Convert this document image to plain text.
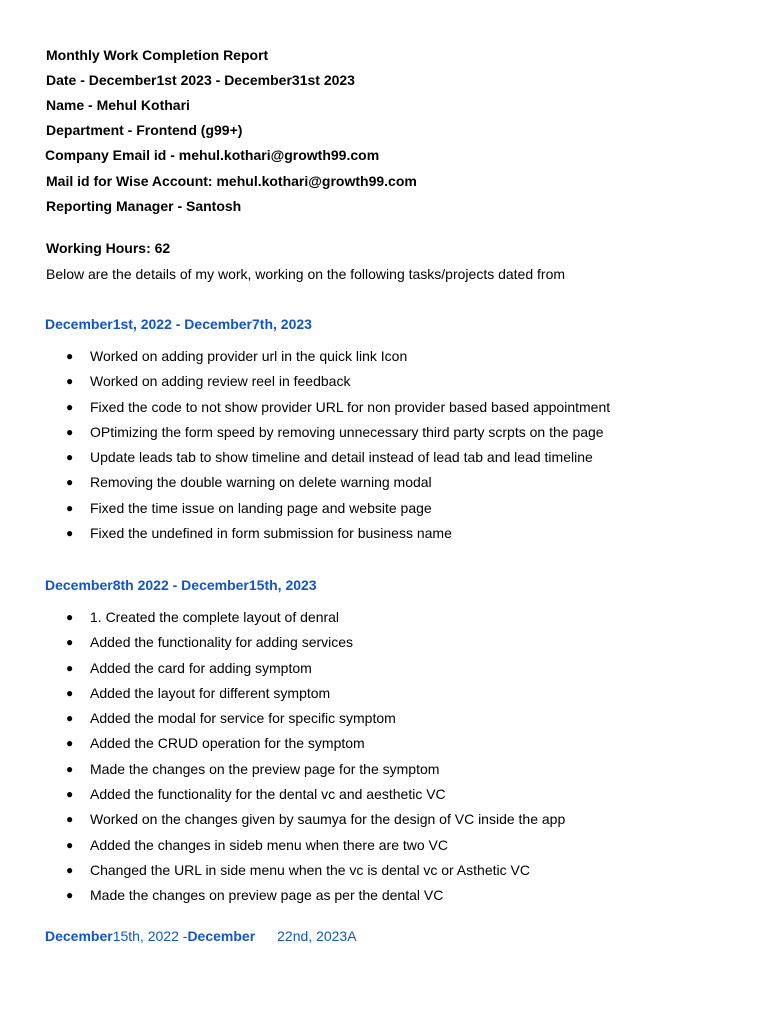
Monthly Work Completion Report
Date - December1st 2023 - December31st 2023
Name - Mehul Kothari
Department - Frontend (g99+)
Company Email id - mehul.kothari@growth99.com
Mail id for Wise Account: mehul.kothari@growth99.com
Reporting Manager - Santosh
Working Hours: 62
Below are the details of my work, working on the following tasks/projects dated from
December1st, 2022 - December7th, 2023
● Worked on adding provider url in the quick link Icon
● Worked on adding review reel in feedback
● Fixed the code to not show provider URL for non provider based based appointment
● OPtimizing the form speed by removing unnecessary third party scrpts on the page
● Update leads tab to show timeline and detail instead of lead tab and lead timeline
● Removing the double warning on delete warning modal
● Fixed the time issue on landing page and website page
● Fixed the undefined in form submission for business name
December8th 2022 - December15th, 2023
● 1. Created the complete layout of denral
● Added the functionality for adding services
● Added the card for adding symptom
● Added the layout for different symptom
● Added the modal for service for specific symptom
● Added the CRUD operation for the symptom
● Made the changes on the preview page for the symptom
● Added the functionality for the dental vc and aesthetic VC
● Worked on the changes given by saumya for the design of VC inside the app
● Added the changes in sideb menu when there are two VC
● Changed the URL in side menu when the vc is dental vc or Asthetic VC
● Made the changes on preview page as per the dental VC
December15th, 2022 -December 22nd, 2023A
